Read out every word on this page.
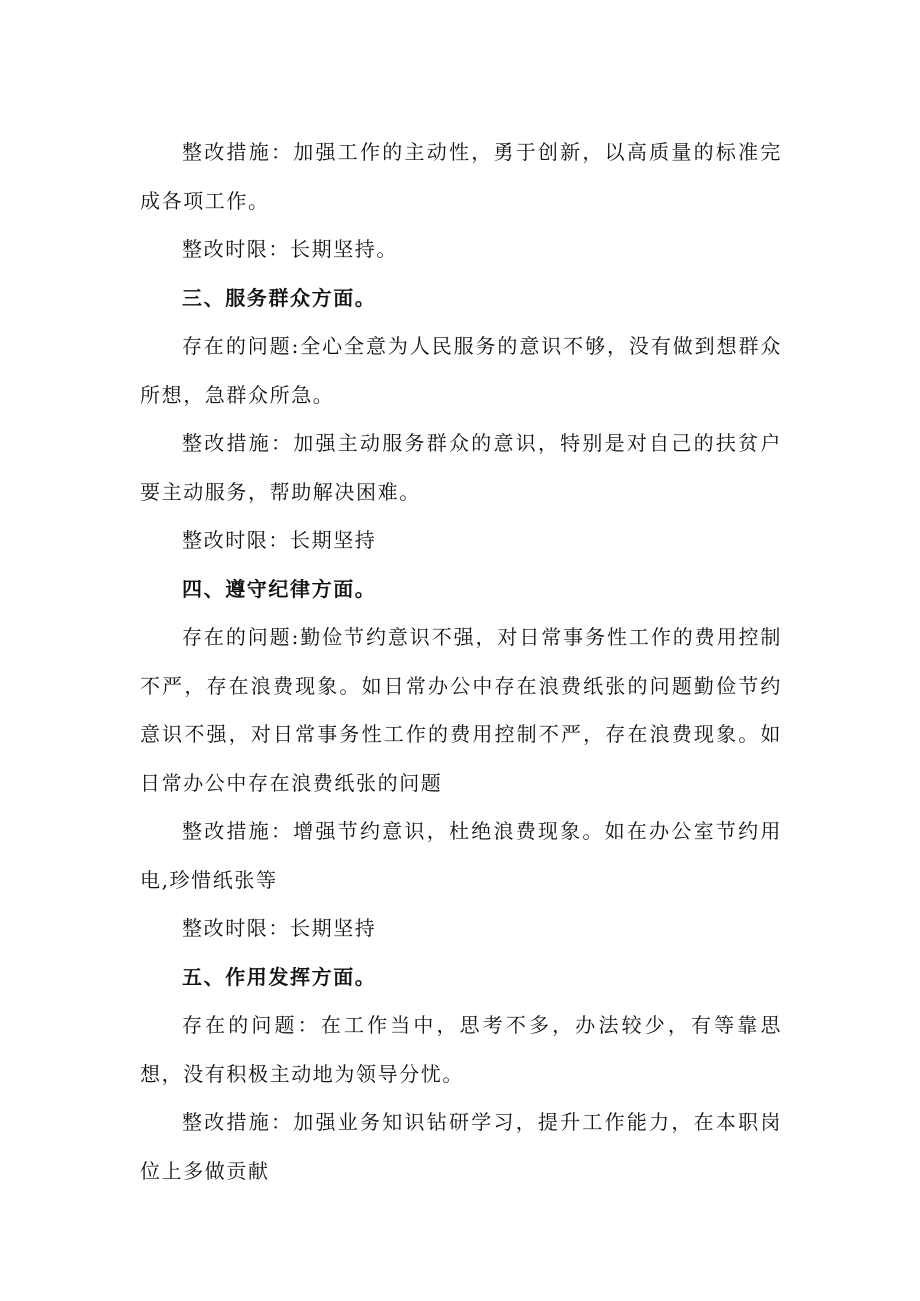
整改措施：加强工作的主动性，勇于创新，以高质量的标准完成各项工作。

整改时限：长期坚持。

三、服务群众方面。

存在的问题:全心全意为人民服务的意识不够，没有做到想群众所想，急群众所急。

整改措施：加强主动服务群众的意识，特别是对自己的扶贫户要主动服务，帮助解决困难。

整改时限：长期坚持

四、遵守纪律方面。

存在的问题:勤俭节约意识不强，对日常事务性工作的费用控制不严，存在浪费现象。如日常办公中存在浪费纸张的问题勤俭节约意识不强，对日常事务性工作的费用控制不严，存在浪费现象。如日常办公中存在浪费纸张的问题

整改措施：增强节约意识，杜绝浪费现象。如在办公室节约用电,珍惜纸张等

整改时限：长期坚持

五、作用发挥方面。

存在的问题：在工作当中，思考不多，办法较少，有等靠思想，没有积极主动地为领导分忧。

整改措施：加强业务知识钻研学习，提升工作能力，在本职岗位上多做贡献
